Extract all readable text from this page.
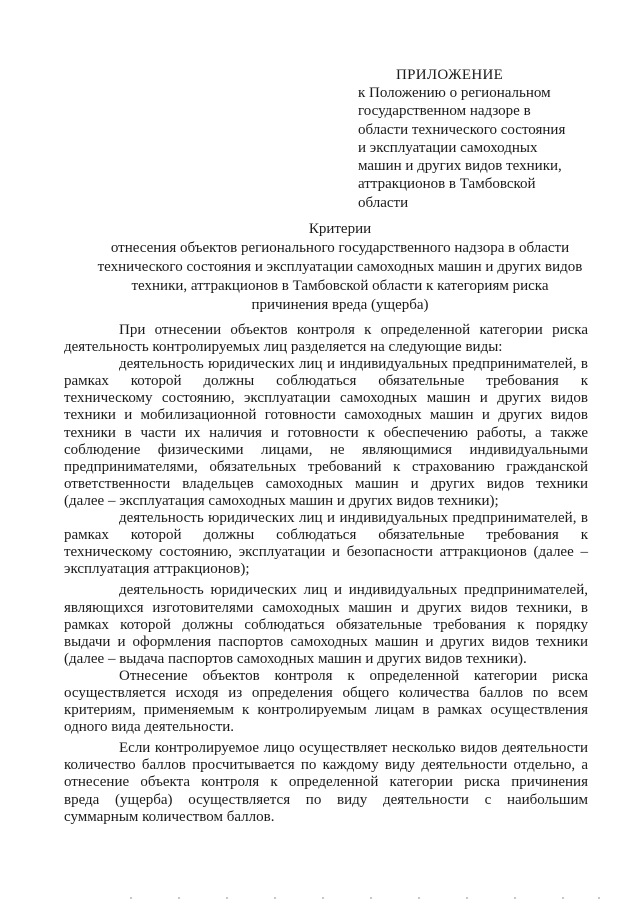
ПРИЛОЖЕНИЕ
к Положению о региональном
государственном надзоре в
области технического состояния
и эксплуатации самоходных
машин и других видов техники,
аттракционов в Тамбовской
области
Критерии
отнесения объектов регионального государственного надзора в области
технического состояния и эксплуатации самоходных машин и других видов
техники, аттракционов в Тамбовской области к категориям риска
причинения вреда (ущерба)
При отнесении объектов контроля к определенной категории риска
деятельность контролируемых лиц разделяется на следующие виды:
деятельность юридических лиц и индивидуальных предпринимателей, в
рамках которой должны соблюдаться обязательные требования к
техническому состоянию, эксплуатации самоходных машин и других видов
техники и мобилизационной готовности самоходных машин и других видов
техники в части их наличия и готовности к обеспечению работы, а также
соблюдение физическими лицами, не являющимися индивидуальными
предпринимателями, обязательных требований к страхованию гражданской
ответственности владельцев самоходных машин и других видов техники
(далее – эксплуатация самоходных машин и других видов техники);
деятельность юридических лиц и индивидуальных предпринимателей, в
рамках которой должны соблюдаться обязательные требования к
техническому состоянию, эксплуатации и безопасности аттракционов (далее –
эксплуатация аттракционов);
деятельность юридических лиц и индивидуальных предпринимателей,
являющихся изготовителями самоходных машин и других видов техники, в
рамках которой должны соблюдаться обязательные требования к порядку
выдачи и оформления паспортов самоходных машин и других видов техники
(далее – выдача паспортов самоходных машин и других видов техники).
Отнесение объектов контроля к определенной категории риска
осуществляется исходя из определения общего количества баллов по всем
критериям, применяемым к контролируемым лицам в рамках осуществления
одного вида деятельности.
Если контролируемое лицо осуществляет несколько видов деятельности
количество баллов просчитывается по каждому виду деятельности отдельно, а
отнесение объекта контроля к определенной категории риска причинения
вреда (ущерба) осуществляется по виду деятельности с наибольшим
суммарным количеством баллов.
